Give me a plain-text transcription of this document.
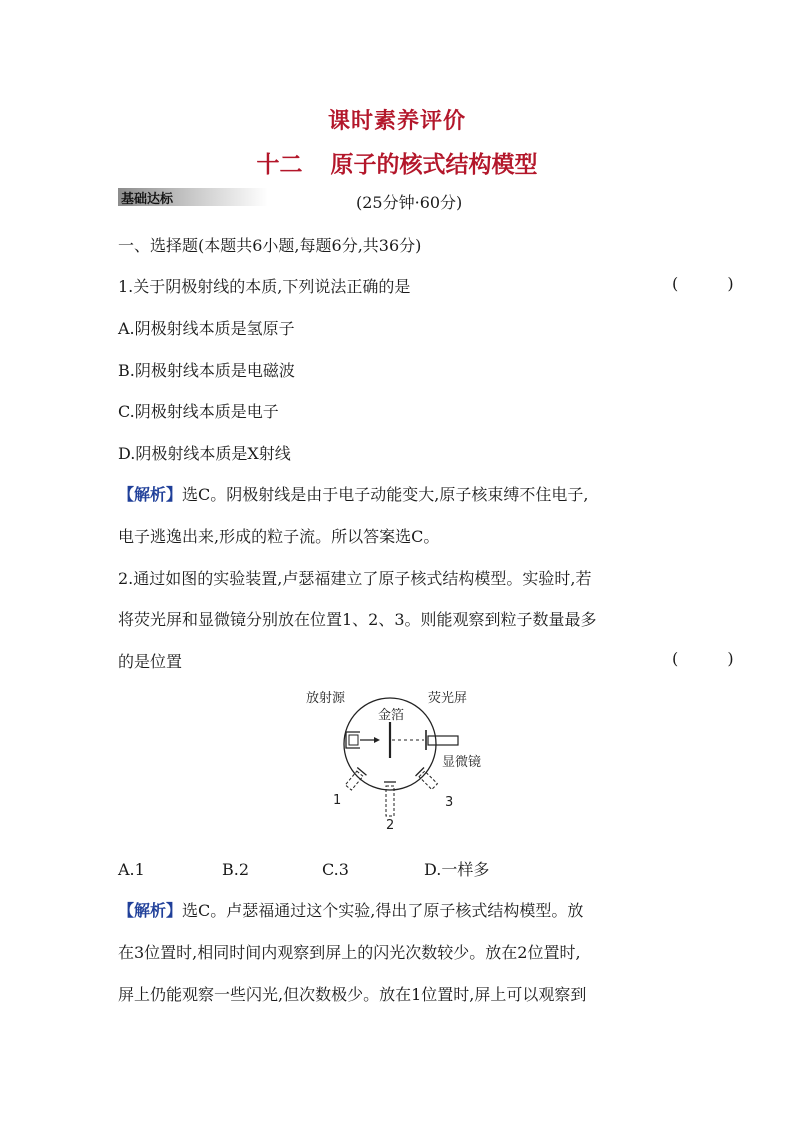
课时素养评价
十二 原子的核式结构模型
基础达标	(25分钟·60分)
一、选择题(本题共6小题,每题6分,共36分)
1.关于阴极射线的本质,下列说法正确的是	( )
A.阴极射线本质是氢原子
B.阴极射线本质是电磁波
C.阴极射线本质是电子
D.阴极射线本质是X射线
【解析】选C。阴极射线是由于电子动能变大,原子核束缚不住电子,
电子逃逸出来,形成的粒子流。所以答案选C。
2.通过如图的实验装置,卢瑟福建立了原子核式结构模型。实验时,若
将荧光屏和显微镜分别放在位置1、2、3。则能观察到粒子数量最多
的是位置	( )
放射源
金箔
荧光屏
显微镜
1
2
3
A.1	B.2	C.3	D.一样多
【解析】选C。卢瑟福通过这个实验,得出了原子核式结构模型。放
在3位置时,相同时间内观察到屏上的闪光次数较少。放在2位置时,
屏上仍能观察一些闪光,但次数极少。放在1位置时,屏上可以观察到
